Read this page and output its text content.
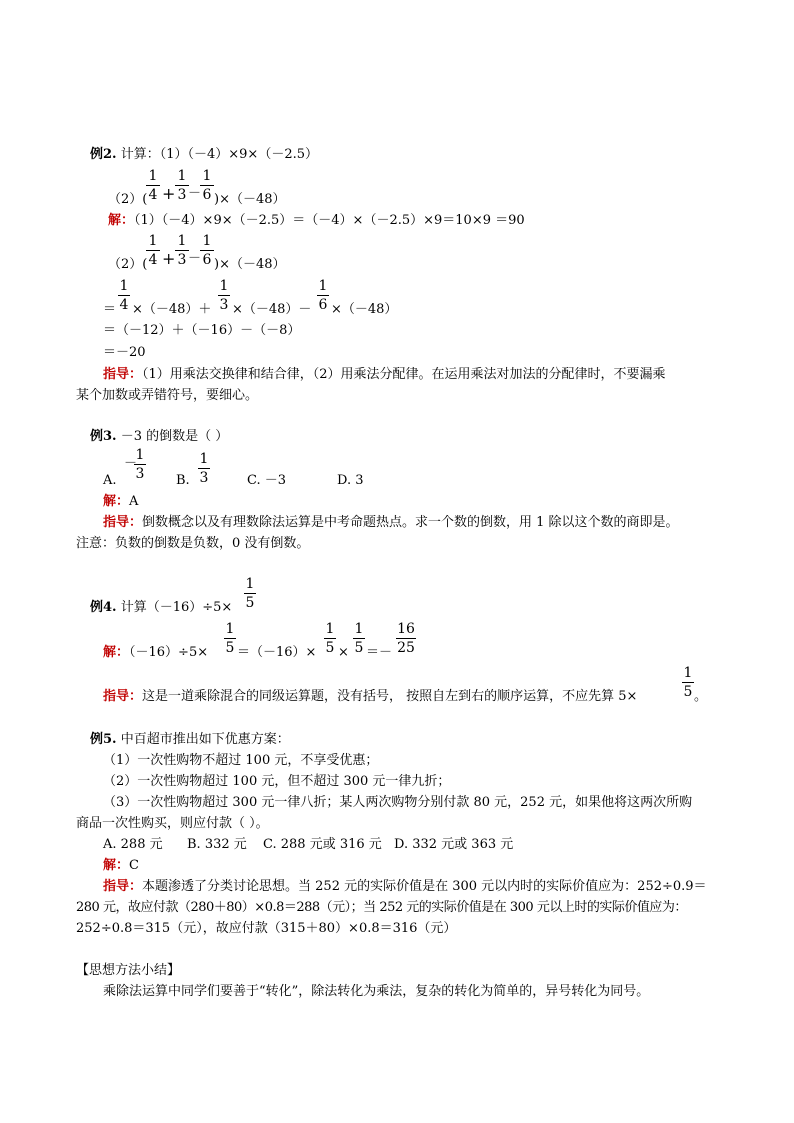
例2. 计算：（1）（－4）×9×（－2.5）
（2）(
1
4 +
1
3 －
1
6 )×（－48）
解：（1）（－4）×9×（－2.5）＝（－4）×（－2.5）×9＝10×9 ＝90
（2）(
1
4 +
1
3 －
1
6 )×（－48）
＝
1
4 ×（－48）＋
1
3 ×（－48）－
1
6 ×（－48）
＝（－12）＋（－16）－（－8）
＝－20
指导：（1）用乘法交换律和结合律，（2）用乘法分配律。在运用乘法对加法的分配律时，不要漏乘
某个加数或弄错符号，要细心。
例3. －3 的倒数是（ ）
A.
－
1
3 B.
1
3	C. －3	D. 3
解：A
指导：倒数概念以及有理数除法运算是中考命题热点。求一个数的倒数，用 1 除以这个数的商即是。
注意：负数的倒数是负数，0 没有倒数。
例4. 计算（－16）÷5×
1
5
解：（－16）÷5×
1
5 ＝（－16）×
1
5 ×
1
5 ＝－
16
25
指导：这是一道乘除混合的同级运算题，没有括号， 按照自左到右的顺序运算，不应先算 5×
1
5 。
例5. 中百超市推出如下优惠方案：
（1）一次性购物不超过 100 元，不享受优惠；
（2）一次性购物超过 100 元，但不超过 300 元一律九折；
（3）一次性购物超过 300 元一律八折；某人两次购物分别付款 80 元，252 元，如果他将这两次所购
商品一次性购买，则应付款（ ）。
A. 288 元 B. 332 元 C. 288 元或 316 元 D. 332 元或 363 元
解：C
指导：本题渗透了分类讨论思想。当 252 元的实际价值是在 300 元以内时的实际价值应为：252÷0.9＝
280 元，故应付款（280＋80）×0.8＝288（元）；当 252 元的实际价值是在 300 元以上时的实际价值应为：
252÷0.8＝315（元），故应付款（315＋80）×0.8＝316（元）
【思想方法小结】
乘除法运算中同学们要善于“转化”，除法转化为乘法，复杂的转化为简单的，异号转化为同号。
